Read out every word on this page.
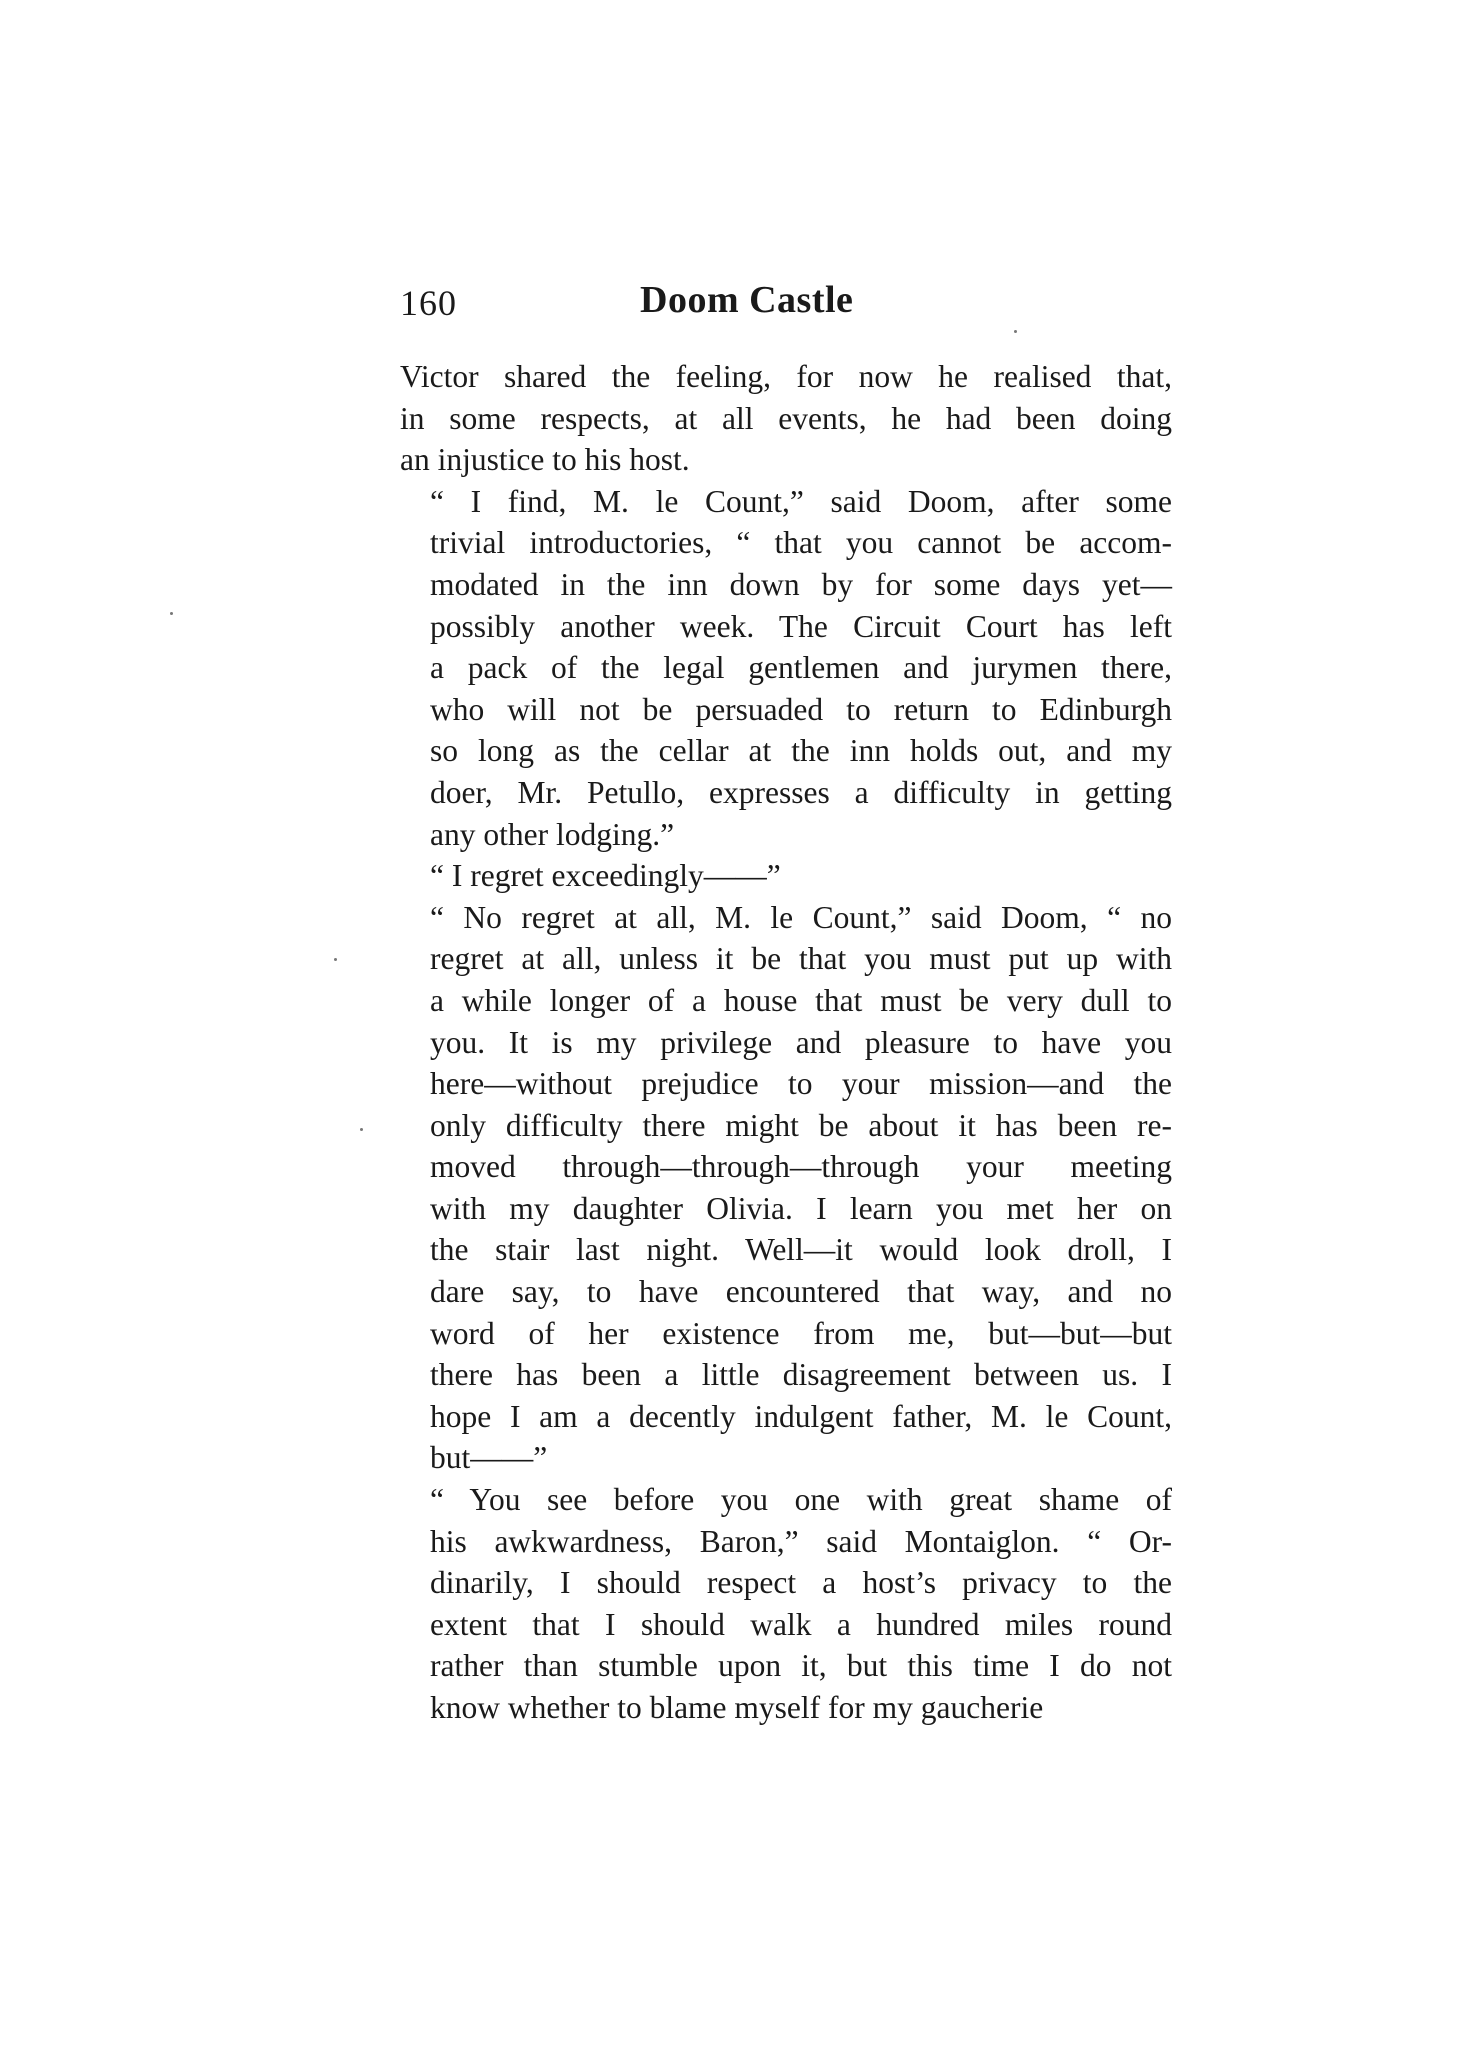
160	Doom Castle

Victor shared the feeling, for now he realised that,
in some respects, at all events, he had been doing
an injustice to his host.

“ I find, M. le Count,” said Doom, after some
trivial introductories, “ that you cannot be accom-
modated in the inn down by for some days yet—
possibly another week. The Circuit Court has left
a pack of the legal gentlemen and jurymen there,
who will not be persuaded to return to Edinburgh
so long as the cellar at the inn holds out, and my
doer, Mr. Petullo, expresses a difficulty in getting
any other lodging.”

“ I regret exceedingly——”

“ No regret at all, M. le Count,” said Doom, “ no
regret at all, unless it be that you must put up with
a while longer of a house that must be very dull to
you. It is my privilege and pleasure to have you
here—without prejudice to your mission—and the
only difficulty there might be about it has been re-
moved through—through—through your meeting
with my daughter Olivia. I learn you met her on
the stair last night. Well—it would look droll, I
dare say, to have encountered that way, and no
word of her existence from me, but—but—but
there has been a little disagreement between us. I
hope I am a decently indulgent father, M. le Count,
but——”

“ You see before you one with great shame of
his awkwardness, Baron,” said Montaiglon. “ Or-
dinarily, I should respect a host’s privacy to the
extent that I should walk a hundred miles round
rather than stumble upon it, but this time I do not
know whether to blame myself for my gaucherie
